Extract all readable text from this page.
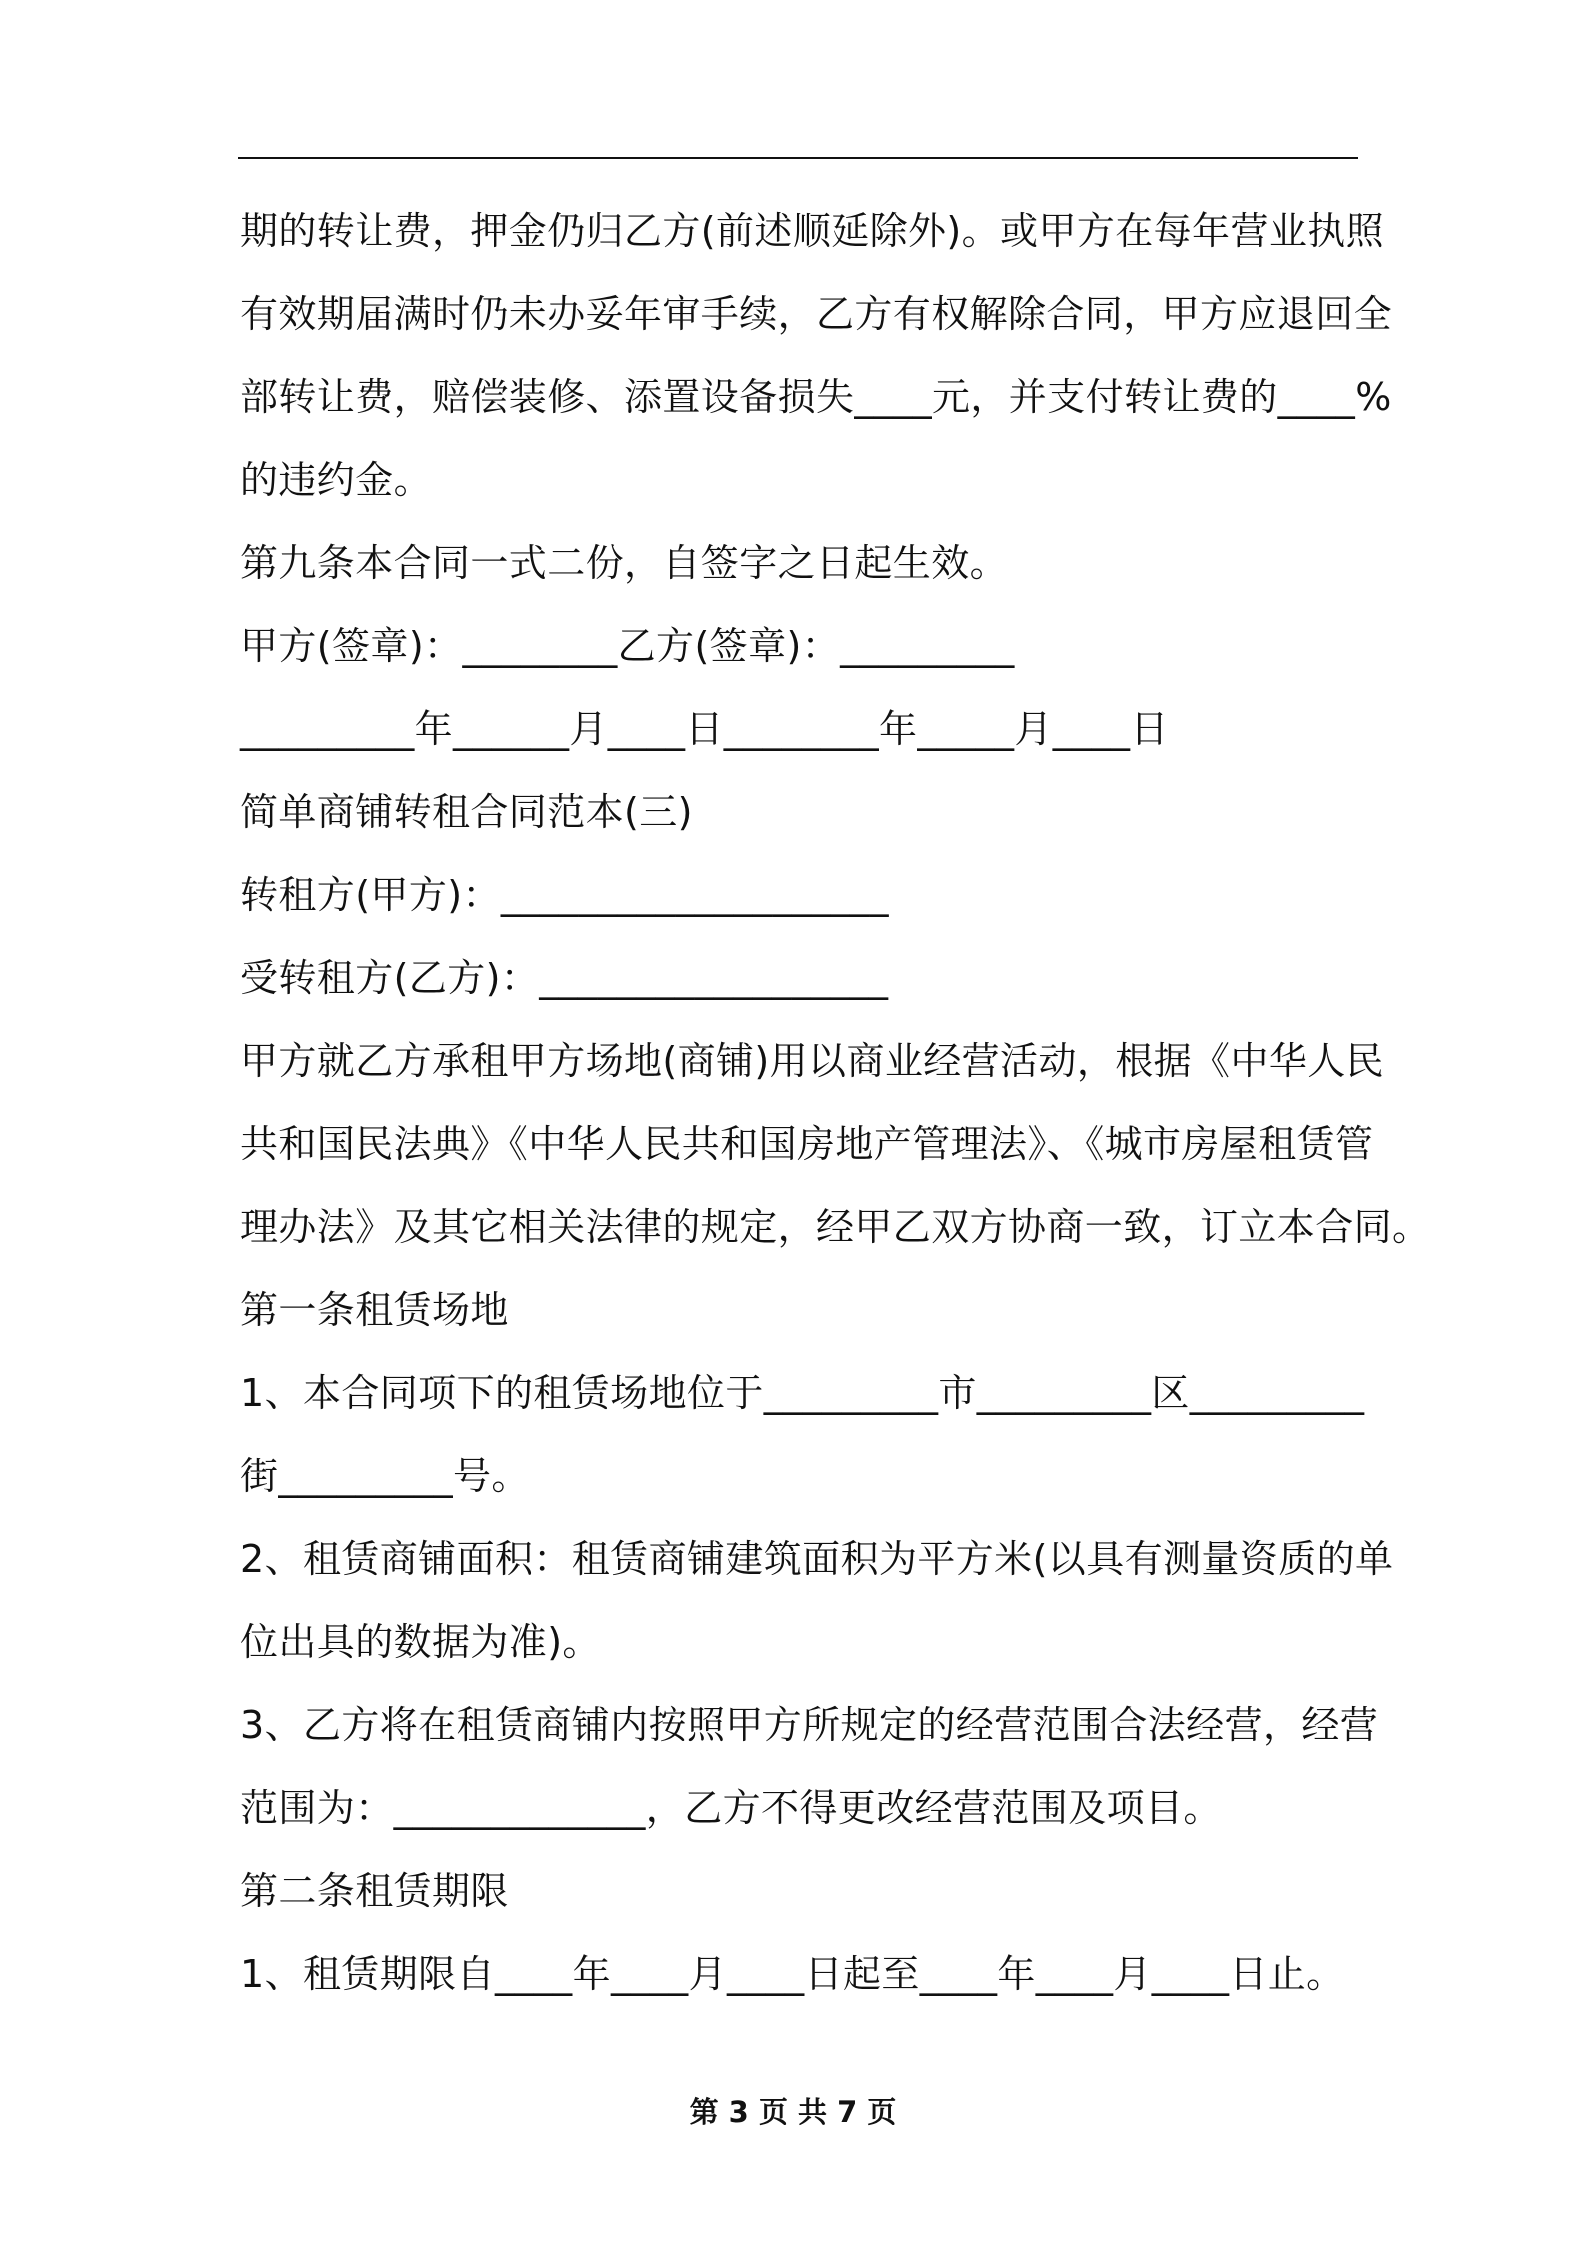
期的转让费，押金仍归乙方(前述顺延除外)。或甲方在每年营业执照
有效期届满时仍未办妥年审手续，乙方有权解除合同，甲方应退回全
部转让费，赔偿装修、添置设备损失____元，并支付转让费的____%
的违约金。
第九条本合同一式二份，自签字之日起生效。
甲方(签章)：________乙方(签章)：_________
_________年______月____日________年_____月____日
简单商铺转租合同范本(三)
转租方(甲方)：____________________
受转租方(乙方)：__________________
甲方就乙方承租甲方场地(商铺)用以商业经营活动，根据《中华人民
共和国民法典》《中华人民共和国房地产管理法》、《城市房屋租赁管
理办法》及其它相关法律的规定，经甲乙双方协商一致，订立本合同。
第一条租赁场地
1、本合同项下的租赁场地位于_________市_________区_________
街_________号。
2、租赁商铺面积：租赁商铺建筑面积为平方米(以具有测量资质的单
位出具的数据为准)。
3、乙方将在租赁商铺内按照甲方所规定的经营范围合法经营，经营
范围为：_____________，乙方不得更改经营范围及项目。
第二条租赁期限
1、租赁期限自____年____月____日起至____年____月____日止。
第 3 页 共 7 页
